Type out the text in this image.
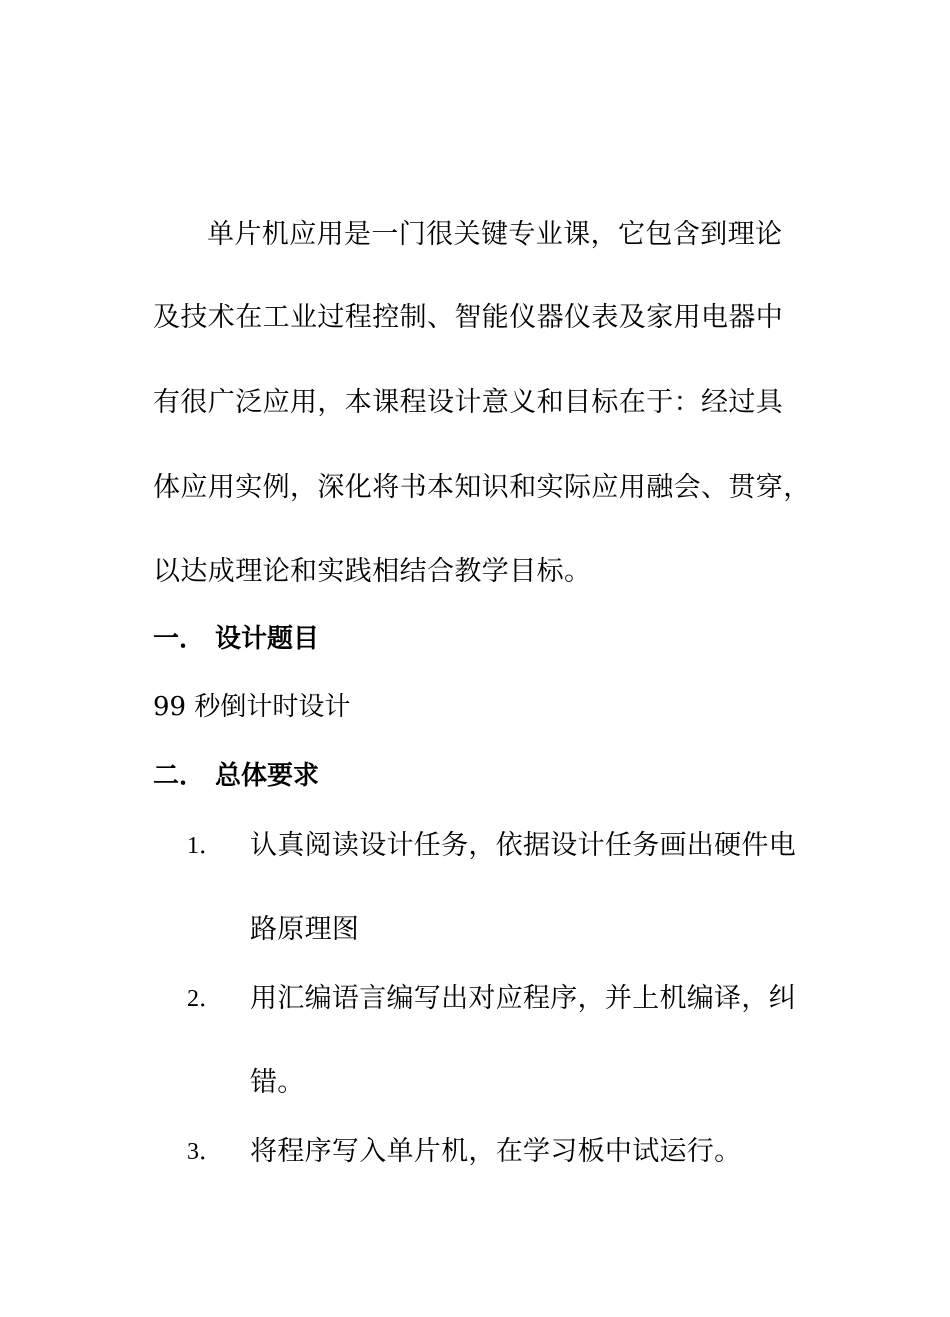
单片机应用是一门很关键专业课，它包含到理论
及技术在工业过程控制、智能仪器仪表及家用电器中
有很广泛应用，本课程设计意义和目标在于：经过具
体应用实例，深化将书本知识和实际应用融会、贯穿，
以达成理论和实践相结合教学目标。
一． 设计题目
99 秒倒计时设计
二． 总体要求
1． 认真阅读设计任务，依据设计任务画出硬件电
路原理图
2． 用汇编语言编写出对应程序，并上机编译，纠
错。
3． 将程序写入单片机，在学习板中试运行。
